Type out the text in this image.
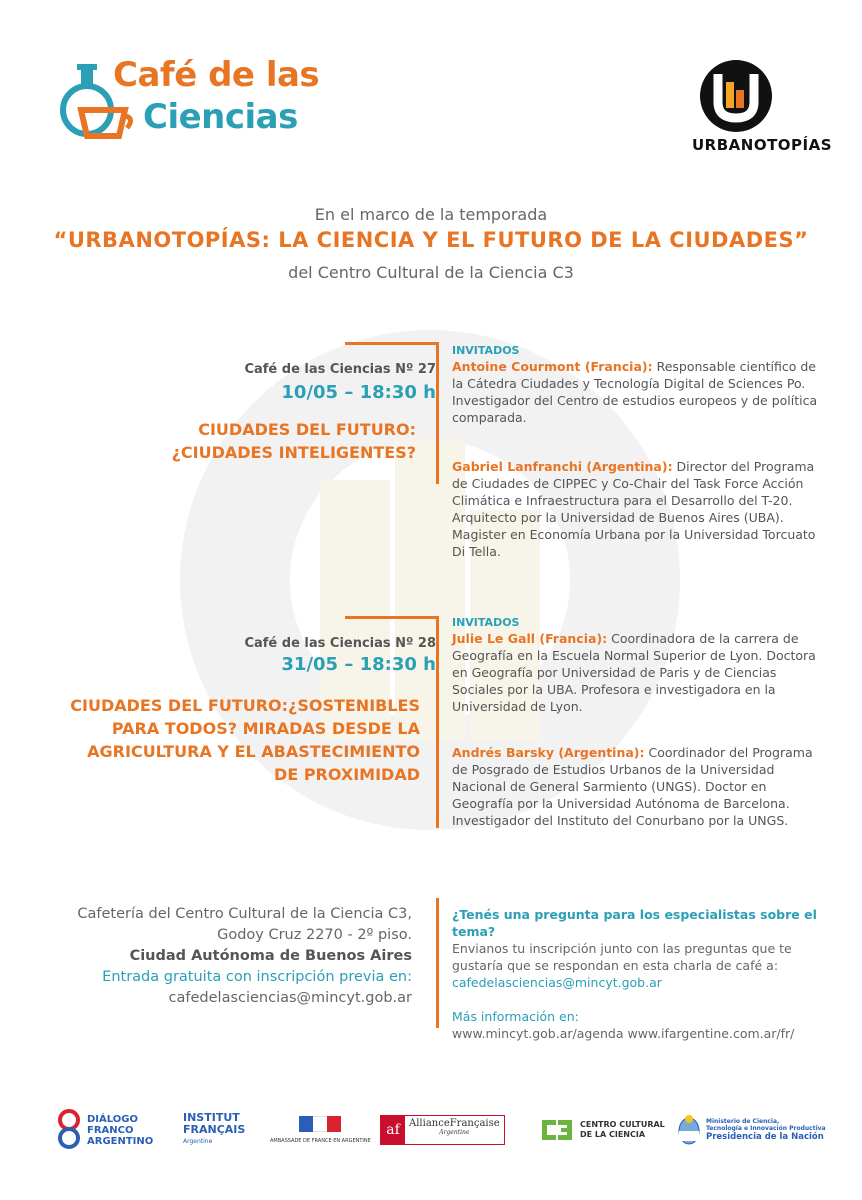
Café de las
Ciencias
URBANOTOPÍAS
En el marco de la temporada
“URBANOTOPÍAS: LA CIENCIA Y EL FUTURO DE LA CIUDADES”
del Centro Cultural de la Ciencia C3
Café de las Ciencias Nº 27
10/05 – 18:30 h
CIUDADES DEL FUTURO:
¿CIUDADES INTELIGENTES?
INVITADOS
Antoine Courmont (Francia): Responsable científico de la Cátedra Ciudades y Tecnología Digital de Sciences Po. Investigador del Centro de estudios europeos y de política comparada.
Gabriel Lanfranchi (Argentina): Director del Programa de Ciudades de CIPPEC y Co-Chair del Task Force Acción Climática e Infraestructura para el Desarrollo del T-20. Arquitecto por la Universidad de Buenos Aires (UBA). Magister en Economía Urbana por la Universidad Torcuato Di Tella.
Café de las Ciencias Nº 28
31/05 – 18:30 h
CIUDADES DEL FUTURO:¿SOSTENIBLES
PARA TODOS? MIRADAS DESDE LA
AGRICULTURA Y EL ABASTECIMIENTO
DE PROXIMIDAD
INVITADOS
Julie Le Gall (Francia): Coordinadora de la carrera de Geografía en la Escuela Normal Superior de Lyon. Doctora en Geografía por Universidad de Paris y de Ciencias Sociales por la UBA. Profesora e investigadora en la Universidad de Lyon.
Andrés Barsky (Argentina): Coordinador del Programa de Posgrado de Estudios Urbanos de la Universidad Nacional de General Sarmiento (UNGS). Doctor en Geografía por la Universidad Autónoma de Barcelona. Investigador del Instituto del Conurbano por la UNGS.
Cafetería del Centro Cultural de la Ciencia C3,
Godoy Cruz 2270 - 2º piso.
Ciudad Autónoma de Buenos Aires
Entrada gratuita con inscripción previa en:
cafedelasciencias@mincyt.gob.ar
¿Tenés una pregunta para los especialistas sobre el tema?
Envianos tu inscripción junto con las preguntas que te gustaría que se respondan en esta charla de café a:
cafedelasciencias@mincyt.gob.ar
Más información en:
www.mincyt.gob.ar/agenda www.ifargentine.com.ar/fr/
DIÁLOGO
FRANCO
ARGENTINO
INSTITUT
FRANÇAIS
Argentine	AMBASSADE DE FRANCE EN ARGENTINE
af AllianceFrançaise
Argentine
CENTRO CULTURAL
DE LA CIENCIA
Ministerio de Ciencia,
Tecnología e Innovación Productiva
Presidencia de la Nación
